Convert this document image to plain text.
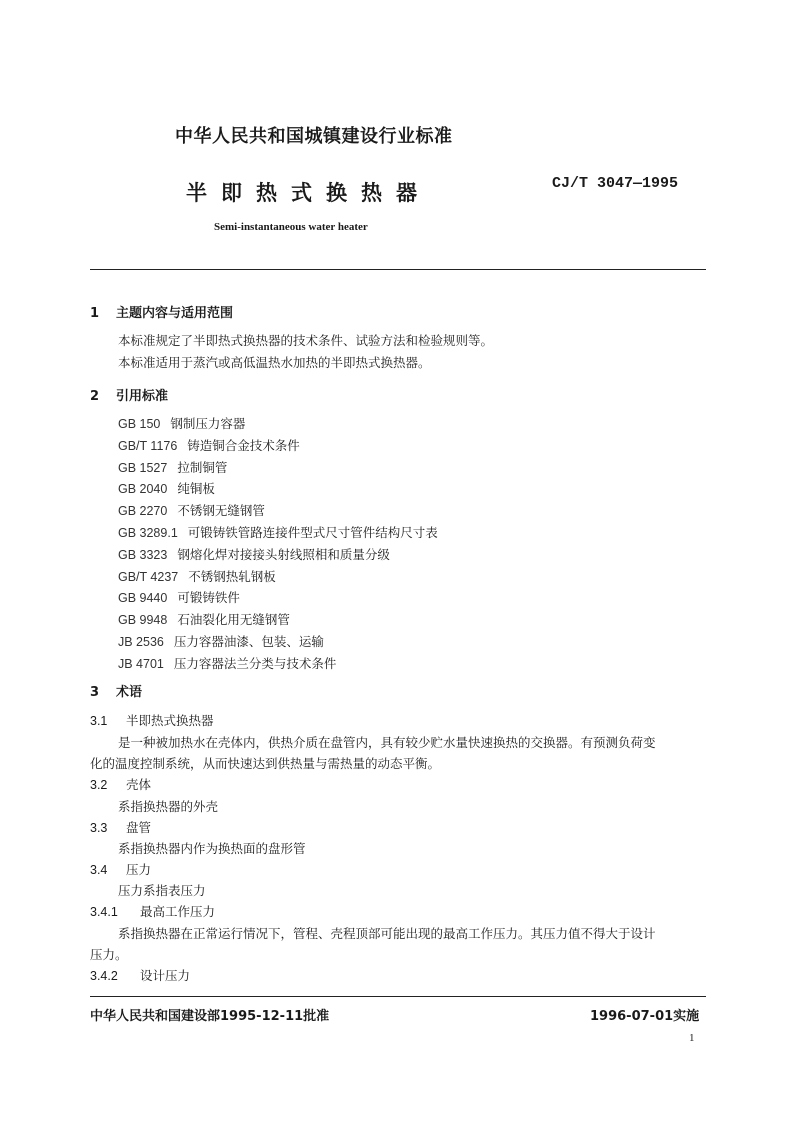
中华人民共和国城镇建设行业标准
半即热式换热器	CJ/T 3047—1995
Semi-instantaneous water heater
1 主题内容与适用范围
本标准规定了半即热式换热器的技术条件、试验方法和检验规则等。
本标准适用于蒸汽或高低温热水加热的半即热式换热器。
2 引用标准
GB 150 钢制压力容器
GB/T 1176 铸造铜合金技术条件
GB 1527 拉制铜管
GB 2040 纯铜板
GB 2270 不锈钢无缝钢管
GB 3289.1 可锻铸铁管路连接件型式尺寸管件结构尺寸表
GB 3323 钢熔化焊对接接头射线照相和质量分级
GB/T 4237 不锈钢热轧钢板
GB 9440 可锻铸铁件
GB 9948 石油裂化用无缝钢管
JB 2536 压力容器油漆、包装、运输
JB 4701 压力容器法兰分类与技术条件
3 术语
3.1 半即热式换热器
是一种被加热水在壳体内，供热介质在盘管内，具有较少贮水量快速换热的交换器。有预测负荷变
化的温度控制系统，从而快速达到供热量与需热量的动态平衡。
3.2 壳体
系指换热器的外壳
3.3 盘管
系指换热器内作为换热面的盘形管
3.4 压力
压力系指表压力
3.4.1 最高工作压力
系指换热器在正常运行情况下，管程、壳程顶部可能出现的最高工作压力。其压力值不得大于设计
压力。
3.4.2 设计压力
中华人民共和国建设部1995-12-11批准	1996-07-01实施
1
